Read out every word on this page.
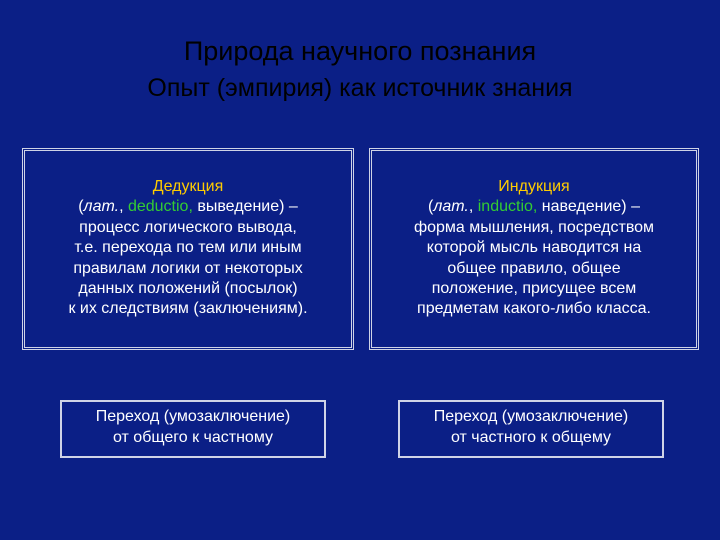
Природа научного познания
Опыт (эмпирия) как источник знания
Дедукция
(лат., deductio, выведение) –
процесс логического вывода,
т.е. перехода по тем или иным
правилам логики от некоторых
данных положений (посылок)
к их следствиям (заключениям).
Индукция
(лат., inductio, наведение) –
форма мышления, посредством
которой мысль наводится на
общее правило, общее
положение, присущее всем
предметам какого-либо класса.
Переход (умозаключение)
от общего к частному
Переход (умозаключение)
от частного к общему
